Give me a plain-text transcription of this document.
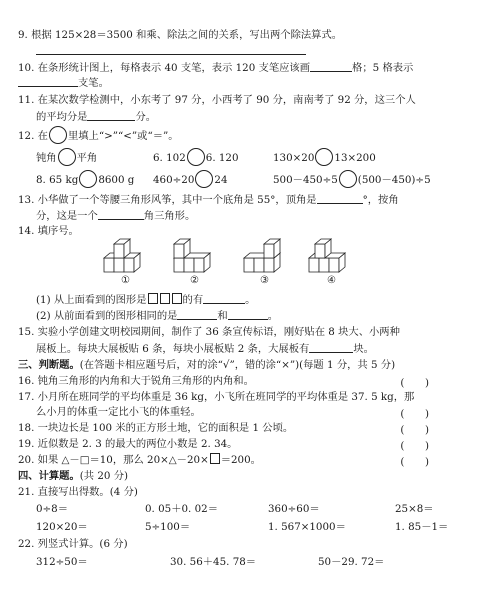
9. 根据 125×28＝3500 和乘、除法之间的关系，写出两个除法算式。
10. 在条形统计图上，每格表示 40 支笔，表示 120 支笔应该画	格；5 格表示
支笔。
11. 在某次数学检测中，小东考了 97 分，小西考了 90 分，南南考了 92 分，这三个人
的平均分是	分。
12. 在 里填上“>”“<”或“＝”。
钝角 平角	6. 102 6. 120	130×20 13×200
8. 65 kg 8600 g 460÷20 24	500－450÷5 (500－450)÷5
13. 小华做了一个等腰三角形风筝，其中一个底角是 55°，顶角是	°，按角
分，这是一个	角三角形。
14. 填序号。
①	②	③	④
(1) 从上面看到的图形是	的有	。
(2) 从前面看到的图形相同的是	和	。
15. 实验小学创建文明校园期间，制作了 36 条宣传标语，刚好贴在 8 块大、小两种
展板上。每块大展板贴 6 条，每块小展板贴 2 条，大展板有	块。
三、判断题。(在答题卡相应题号后，对的涂“√”，错的涂“×”)(每题 1 分，共 5 分)
16. 钝角三角形的内角和大于锐角三角形的内角和。	(　　)
17. 小月所在班同学的平均体重是 36 kg，小飞所在班同学的平均体重是 37. 5 kg，那
么小月的体重一定比小飞的体重轻。	(　　)
18. 一块边长是 100 米的正方形土地，它的面积是 1 公顷。	(　　)
19. 近似数是 2. 3 的最大的两位小数是 2. 34。	(　　)
20. 如果 △－□＝10，那么 20×△－20× ＝200。	(　　)
四、计算题。(共 20 分)
21. 直接写出得数。(4 分)
0÷8＝	0. 05＋0. 02＝	360÷60＝	25×8＝
120×20＝	5÷100＝	1. 567×1000＝	1. 85－1＝
22. 列竖式计算。(6 分)
312÷50＝	30. 56＋45. 78＝	50－29. 72＝
